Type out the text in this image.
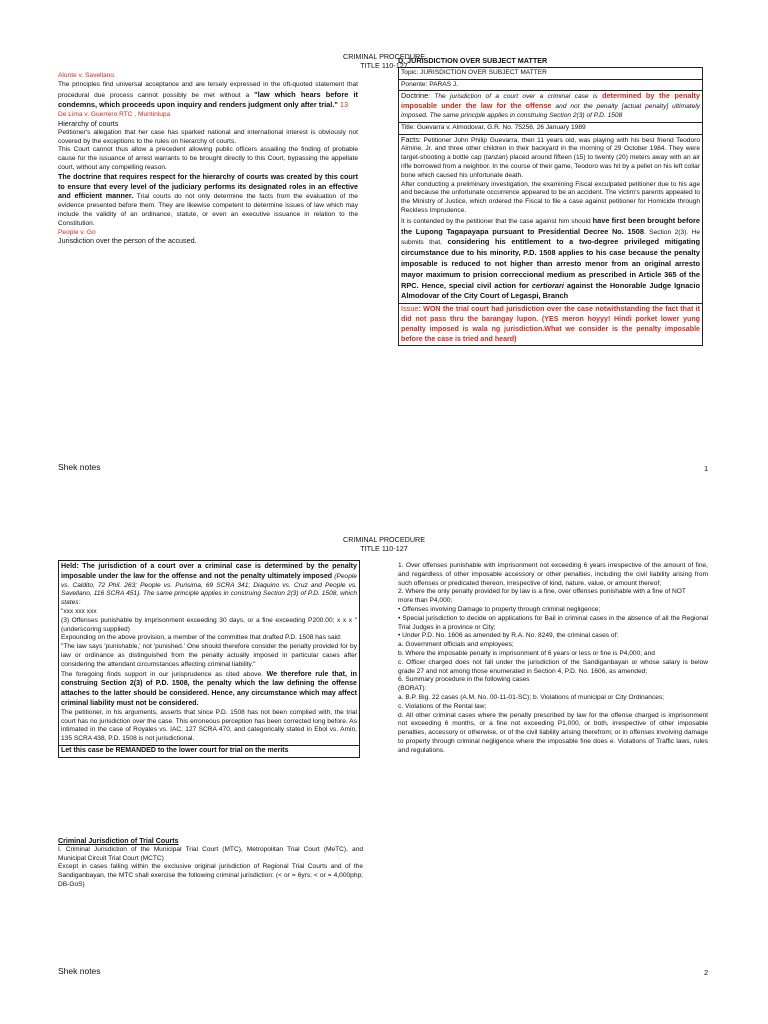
CRIMINAL PROCEDURE
TITLE 110-127

Alonte v. Savellano.

The principles find universal acceptance and are tersely expressed in the oft-quoted statement that procedural due process cannot possibly be met without a "law which hears before it condemns, which proceeds upon inquiry and renders judgment only after trial." 13

De Lima v. Guerrero RTC , Muntinlupa

Hierarchy of courts

Petitioner's allegation that her case has sparked national and international interest is obviously not covered by the exceptions to the rules on hierarchy of courts.

This Court cannot thus allow a precedent allowing public officers assailing the finding of probable cause for the issuance of arrest warrants to be brought directly to this Court, bypassing the appellate court, without any compelling reason.

The doctrine that requires respect for the hierarchy of courts was created by this court to ensure that every level of the judiciary performs its designated roles in an effective and efficient manner. Trial courts do not only determine the facts from the evaluation of the evidence presented before them. They are likewise competent to determine issues of law which may include the validity of an ordinance, statute, or even an executive issuance in relation to the Constitution.

People v. Go

Jurisdiction over the person of the accused.

D. JURISDICTION OVER SUBJECT MATTER
Topic: JURISDICTION OVER SUBJECT MATTER
Ponente: PARAS J.
Doctrine: The jurisdiction of a court over a criminal case is determined by the penalty imposable under the law for the offense and not the penalty [actual penalty] ultimately imposed. The same principle applies in construing Section 2(3) of P.D. 1508
Title: Guevarra v. Almodovar, G.R. No. 75256, 26 January 1989
Facts: Petitioner John Philip Guevarra, then 11 years old, was playing with his best friend Teodoro Almine, Jr. and three other children in their backyard in the morning of 29 October 1984. They were target-shooting a bottle cap (tanzan) placed around fifteen (15) to twenty (20) meters away with an air rifle borrowed from a neighbor. In the course of their game, Teodoro was hit by a pellet on his left collar bone which caused his unfortunate death.
After conducting a preliminary investigation, the examining Fiscal exculpated petitioner due to his age and because the unfortunate occurrence appeared to be an accident. The victim's parents appealed to the Ministry of Justice, which ordered the Fiscal to file a case against petitioner for Homicide through Reckless Imprudence.
It is contended by the petitioner that the case against him should have first been brought before the Lupong Tagapayapa pursuant to Presidential Decree No. 1508. Section 2(3). He submits that, considering his entitlement to a two-degree privileged mitigating circumstance due to his minority, P.D. 1508 applies to his case because the penalty imposable is reduced to not higher than arresto menor from an original arresto mayor maximum to prision correccional medium as prescribed in Article 365 of the RPC. Hence, special civil action for certiorari against the Honorable Judge Ignacio Almodovar of the City Court of Legaspi, Branch
Issue: WON the trial court had jurisdiction over the case notwithstanding the fact that it did not pass thru the barangay lupon. (YES meron hoyyy! Hindi porket lower yung penalty imposed is wala ng jurisdiction.What we consider is the penalty imposable before the case is tried and heard)
Shek notes	1
CRIMINAL PROCEDURE
TITLE 110-127
Held: The jurisdiction of a court over a criminal case is determined by the penalty imposable under the law for the offense and not the penalty ultimately imposed (People vs. Caldito, 72 Phil. 263; People vs. Purisima, 69 SCRA 341; Diaquino vs. Cruz and People vs. Savellano, 116 SCRA 451). The same principle applies in construing Section 2(3) of P.D. 1508, which states:
"xxx xxx xxx
(3) Offenses punishable by imprisonment exceeding 30 days, or a fine exceeding P200.00; x x x " (underscoring supplied)
Expounding on the above provision, a member of the committee that drafted P.D. 1508 has said:
"The law says 'punishable,' not 'punished.' One should therefore consider the penalty provided for by law or ordinance as distinguished from the penalty actually imposed in particular cases after considering the attendant circumstances affecting criminal liability."
The foregoing finds support in our jurisprudence as cited above. We therefore rule that, in construing Section 2(3) of P.D. 1508, the penalty which the law defining the offense attaches to the latter should be considered. Hence, any circumstance which may affect criminal liability must not be considered.
The petitioner, in his arguments, asserts that since P.D. 1508 has not been complied with, the trial court has no jurisdiction over the case. This erroneous perception has been corrected long before. As intimated in the case of Royales vs. IAC, 127 SCRA 470, and categorically stated in Ebol vs. Amin, 135 SCRA 438, P.D. 1508 is not jurisdictional.
Let this case be REMANDED to the lower court for trial on the merits

Criminal Jurisdiction of Trial Courts

I. Criminal Jurisdiction of the Municipal Trial Court (MTC), Metropolitan Trial Court (MeTC), and Municipal Circuit Trial Court (MCTC)

Except in cases falling within the exclusive original jurisdiction of Regional Trial Courts and of the Sandiganbayan, the MTC shall exercise the following criminal jurisdiction: (< or = 6yrs; < or = 4,000php; DB-GoS)

1. Over offenses punishable with imprisonment not exceeding 6 years irrespective of the amount of fine, and regardless of other imposable accessory or other penalties, including the civil liability arising from such offenses or predicated thereon, irrespective of kind, nature, value, or amount thereof;

2. Where the only penalty provided for by law is a fine, over offenses punishable with a fine of NOT

more than P4,000;

• Offenses involving Damage to property through criminal negligence;

• Special jurisdiction to decide on applications for Bail in criminal cases in the absence of all the Regional Trial Judges in a province or City;

• Under P.D. No. 1606 as amended by R.A. No. 8249, the criminal cases of:

a. Government officials and employees;

b. Where the imposable penalty is imprisonment of 6 years or less or fine is P4,000; and

c. Officer charged does not fall under the jurisdiction of the Sandiganbayan or whose salary is below grade 27 and not among those enumerated in Section 4, P.D. No. 1606, as amended;

6. Summary procedure in the following cases

(BORAT):

a. B.P. Big. 22 cases (A.M. No. 00-11-01-SC); b. Violations of municipal or City Ordinances;

c. Violations of the Rental law;

d. All other criminal cases where the penalty prescribed by law for the offense charged is imprisonment not exceeding 6 months, or a fine not exceeding P1,000, or both, irrespective of other imposable penalties, accessory or otherwise, or of the civil liability arising therefrom; or in offenses involving damage to property through criminal negligence where the imposable fine does e. Violations of Traffic laws, rules and regulations.

Shek notes	2
